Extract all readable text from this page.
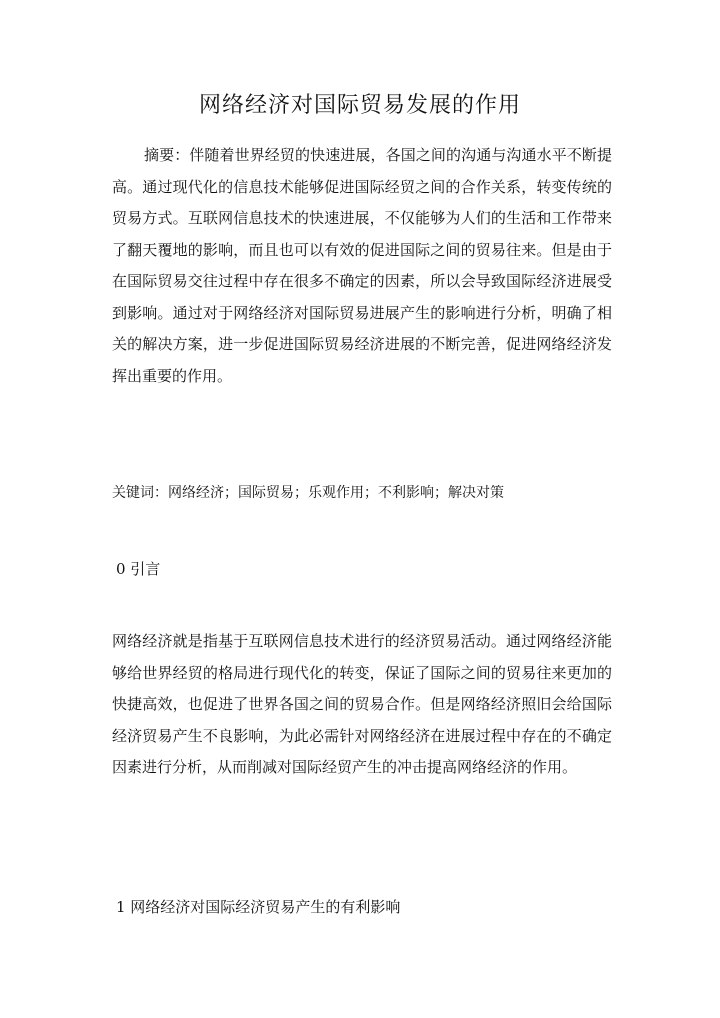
网络经济对国际贸易发展的作用

摘要：伴随着世界经贸的快速进展，各国之间的沟通与沟通水平不断提高。通过现代化的信息技术能够促进国际经贸之间的合作关系，转变传统的贸易方式。互联网信息技术的快速进展，不仅能够为人们的生活和工作带来了翻天覆地的影响，而且也可以有效的促进国际之间的贸易往来。但是由于在国际贸易交往过程中存在很多不确定的因素，所以会导致国际经济进展受到影响。通过对于网络经济对国际贸易进展产生的影响进行分析，明确了相关的解决方案，进一步促进国际贸易经济进展的不断完善，促进网络经济发挥出重要的作用。

关键词：网络经济；国际贸易；乐观作用；不利影响；解决对策

0 引言

网络经济就是指基于互联网信息技术进行的经济贸易活动。通过网络经济能够给世界经贸的格局进行现代化的转变，保证了国际之间的贸易往来更加的快捷高效，也促进了世界各国之间的贸易合作。但是网络经济照旧会给国际经济贸易产生不良影响，为此必需针对网络经济在进展过程中存在的不确定因素进行分析，从而削减对国际经贸产生的冲击提高网络经济的作用。

1 网络经济对国际经济贸易产生的有利影响
